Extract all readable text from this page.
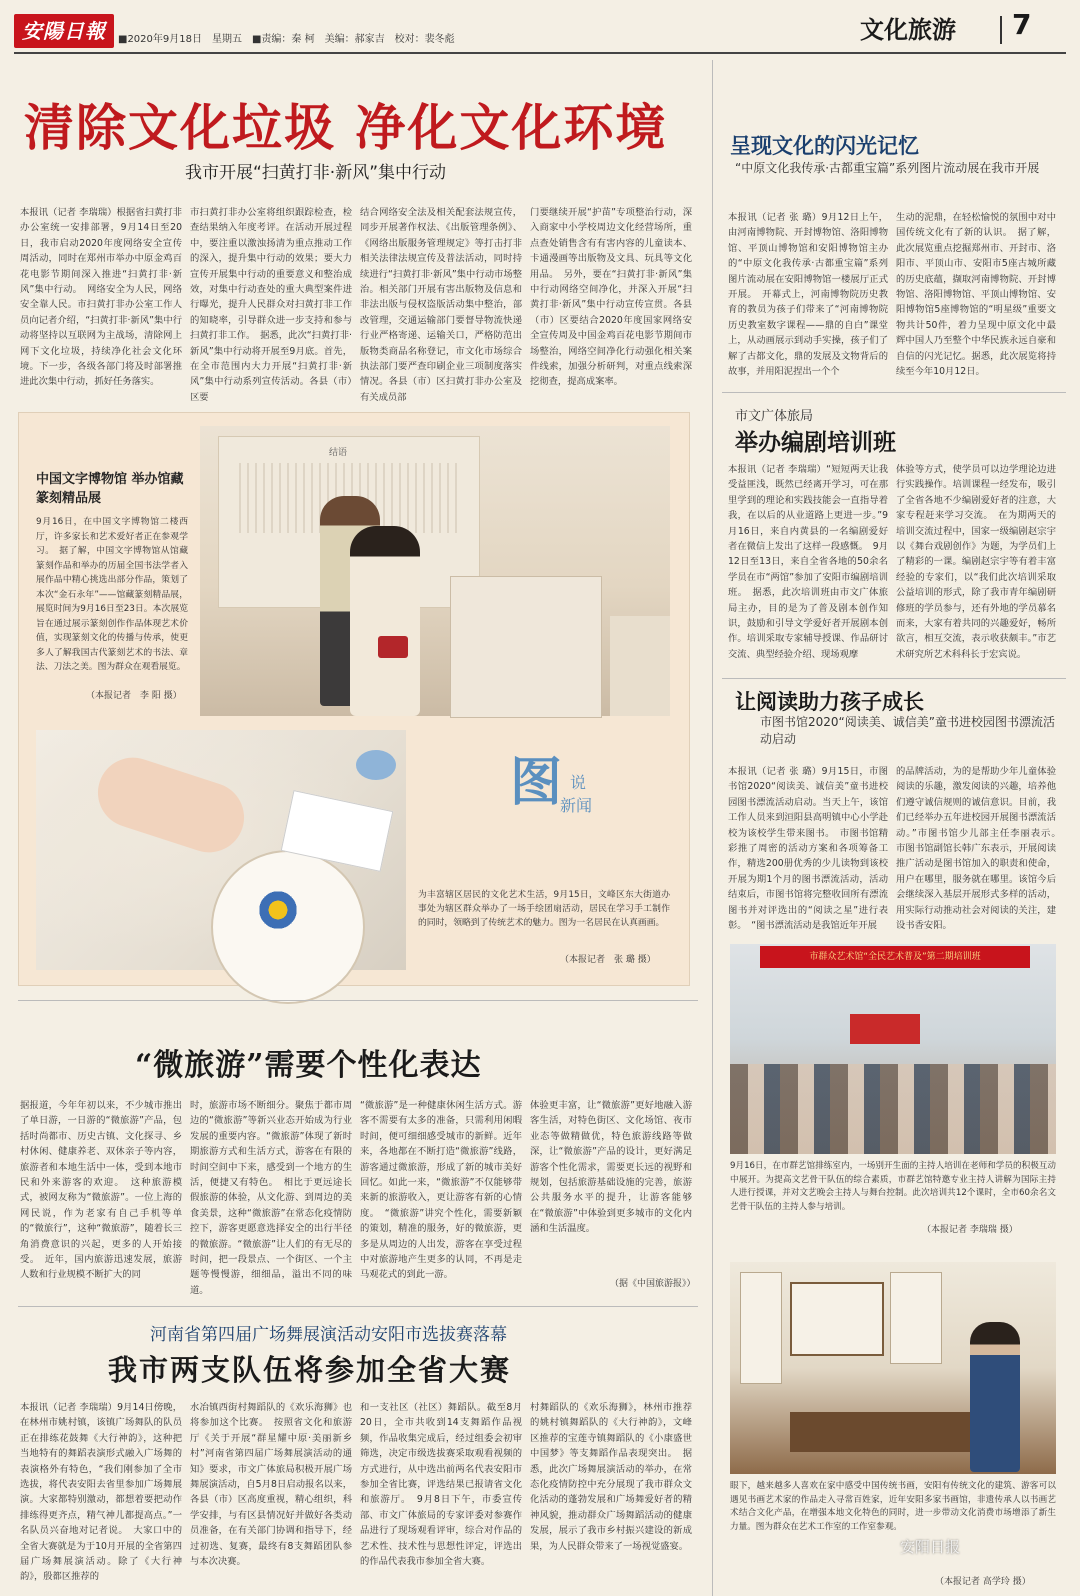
安陽日報	■2020年9月18日　星期五　■责编：秦 柯　美编：郝家吉　校对：裴冬彪	文化旅游 7
清除文化垃圾 净化文化环境
我市开展“扫黄打非·新风”集中行动
本报讯（记者 李瑞瑞）根据省扫黄打非办公室统一安排部署，9月14日至20日，我市启动2020年度网络安全宣传周活动，同时在郑州市举办中原金鸡百花电影节期间深入推进“扫黄打非·新风”集中行动。　网络安全为人民，网络安全靠人民。市扫黄打非办公室工作人员向记者介绍，“扫黄打非·新风”集中行动将坚持以互联网为主战场，清除网上网下文化垃圾，持续净化社会文化环境。下一步，各级各部门将及时部署推进此次集中行动，抓好任务落实。
市扫黄打非办公室将组织跟踪检查，检查结果纳入年度考评。在活动开展过程中，要注重以激浊扬清为重点推动工作的深入，提升集中行动的效果；要大力宣传开展集中行动的重要意义和整治成效，对集中行动查处的重大典型案件进行曝光，提升人民群众对扫黄打非工作的知晓率，引导群众进一步支持和参与扫黄打非工作。　据悉，此次“扫黄打非·新风”集中行动将开展至9月底。首先，在全市范围内大力开展“扫黄打非·新风”集中行动系列宣传活动。各县（市）区要
结合网络安全法及相关配套法规宣传，同步开展著作权法、《出版管理条例》、《网络出版服务管理规定》等打击打非相关法律法规宣传及普法活动，同时持续进行“扫黄打非·新风”集中行动市场整治。相关部门开展有害出版物及信息和非法出版与侵权盗版活动集中整治，部改管理，交通运输部门要督导物流快递行业严格寄递、运输关口，严格防范出版物类商品名称登记，市文化市场综合执法部门要严查印刷企业三项制度落实情况。各县（市）区扫黄打非办公室及有关成员部
门要继续开展“护苗”专项整治行动，深入商家中小学校周边文化经营场所，重点查处销售含有有害内容的儿童读本、卡通漫画等出版物及文具、玩具等文化用品。　另外，要在“扫黄打非·新风”集中行动网络空间净化，并深入开展“扫黄打非·新风”集中行动宣传宣贯。各县（市）区要结合2020年度国家网络安全宣传周及中国金鸡百花电影节期间市场整治，网络空间净化行动强化相关案件线索，加强分析研判，对重点线索深挖彻查，提高成案率。
呈现文化的闪光记忆
“中原文化我传承·古都重宝篇”系列图片流动展在我市开展
本报讯（记者 张 璐）9月12日上午，由河南博物院、开封博物馆、洛阳博物馆、平顶山博物馆和安阳博物馆主办的“中原文化我传承·古都重宝篇”系列图片流动展在安阳博物馆一楼展厅正式开展。　开幕式上，河南博物院历史教育的教员为孩子们带来了“河南博物院历史教室数字课程——鼎的自白”课堂上，从动画展示到动手实操，孩子们了解了古都文化，鼎的发展及文物背后的故事，并用阳泥捏出一个个
生动的泥鼎，在轻松愉悦的氛围中对中国传统文化有了新的认识。　据了解，此次展览重点挖掘郑州市、开封市、洛阳市、平顶山市、安阳市5座古城所藏的历史底蕴，撷取河南博物院、开封博物馆、洛阳博物馆、平顶山博物馆、安阳博物馆5座博物馆的“明星级”重要文物共计50件，着力呈现中原文化中最辉中国人乃至整个中华民族永远自豪和自信的闪光记忆。据悉，此次展览将持续至今年10月12日。
中国文字博物馆 举办馆藏篆刻精品展
9月16日，在中国文字博物馆二楼西厅，许多家长和艺术爱好者正在参观学习。　据了解，中国文字博物馆从馆藏篆刻作品和举办的历届全国书法学者入展作品中精心挑选出部分作品，策划了本次“金石永年”——馆藏篆刻精品展，展览时间为9月16日至23日。本次展览旨在通过展示篆刻创作作品体现艺术价值，实现篆刻文化的传播与传承，使更多人了解我国古代篆刻艺术的书法、章法、刀法之美。图为群众在观看展览。
（本报记者　李 阳 摄）
结语
图 说
新闻
为丰富辖区居民的文化艺术生活，9月15日，文峰区东大街道办事处为辖区群众举办了一场手绘团扇活动，居民在学习手工制作的同时，领略到了传统艺术的魅力。图为一名居民在认真画画。
（本报记者　张 璐 摄）
市文广体旅局
举办编剧培训班
本报讯（记者 李瑞瑞）“短短两天让我受益匪浅，既然已经离开学习，可在那里学到的理论和实践技能会一直指导着我，在以后的从业道路上更进一步。”9月16日，来自内黄县的一名编剧爱好者在微信上发出了这样一段感慨。　9月12日至13日，来自全省各地的50余名学员在市“两馆”参加了安阳市编剧培训班。　据悉，此次培训班由市文广体旅局主办，目的是为了普及剧本创作知识，鼓励和引导文学爱好者开展剧本创作。培训采取专家辅导授课、作品研讨交流、典型经验介绍、现场观摩
体验等方式，使学员可以边学理论边进行实践操作。培训课程一经发布，吸引了全省各地不少编剧爱好者的注意，大家专程赶来学习交流。　在为期两天的培训交流过程中，国家一级编剧赵宗宇以《舞台戏剧创作》为题，为学员们上了精彩的一课。编剧赵宗宇等有着丰富经验的专家们，以“我们此次培训采取公益培训的形式，除了我市青年编剧研修班的学员参与，还有外地的学员慕名而来，大家有着共同的兴趣爱好，畅所欲言，相互交流，表示收获颇丰。”市艺术研究所艺术科科长于宏宾说。
让阅读助力孩子成长
市图书馆2020“阅读美、诚信美”童书进校园图书漂流活动启动
本报讯（记者 张 璐）9月15日，市图书馆2020“阅读美、诚信美”童书进校园图书漂流活动启动。当天上午，该馆工作人员来到洹阳县高明镇中心小学赴校为该校学生带来图书。　市图书馆精彩推了周密的活动方案和各项筹备工作，精选200册优秀的少儿读物到该校开展为期1个月的图书漂流活动，活动结束后，市图书馆将完整收回所有漂流图书并对评选出的“阅读之星”进行表彰。　“图书漂流活动是我馆近年开展
的品牌活动，为的是帮助少年儿童体验阅读的乐趣，激发阅读的兴趣，培养他们遵守诚信规则的诚信意识。目前，我们已经举办五年进校园开展图书漂流活动。”市图书馆少儿部主任李丽表示。　市图书馆副馆长韩广东表示，开展阅读推广活动是图书馆加入的职责和使命，用户在哪里，服务就在哪里。该馆今后会继续深入基层开展形式多样的活动，用实际行动推动社会对阅读的关注，建设书香安阳。
市群众艺术馆“全民艺术普及”第二期培训班
9月16日，在市群艺馆排练室内，一场别开生面的主持人培训在老师和学员的积极互动中展开。为提高文艺骨干队伍的综合素质，市群艺馆特邀专业主持人讲解为国际主持人进行授课，并对文艺晚会主持人与舞台控制。此次培训共12个课时，全市60余名文艺骨干队伍的主持人参与培训。
（本报记者 李瑞瑞 摄）
眼下，越来越多人喜欢在家中感受中国传统书画，安阳有传统文化的建筑、游客可以遇见书画艺术家的作品走入寻常百姓家，近年安阳多家书画馆，非遗传承人以书画艺术结合文化产品，在增强本地文化特色的同时，进一步带动文化消费市场增添了新生力量。图为群众在艺术工作室的工作室参观。
（本报记者 高学玲 摄）
安阳日报
“微旅游”需要个性化表达
据报道，今年年初以来，不少城市推出了单日游，一日游的“微旅游”产品，包括时尚都市、历史古镇、文化探寻、乡村休闲、健康养老、双休亲子等内容，旅游者和本地生活中一体，受到本地市民和外来游客的欢迎。　这种旅游模式，被网友称为“微旅游”。一位上海的网民说，作为老家有自己手机等单的“微旅行”，这种“微旅游”，随着长三角消费意识的兴起，更多的人开始接受。　近年，国内旅游迅速发展，旅游人数和行业规模不断扩大的同
时，旅游市场不断细分。聚焦于都市周边的“微旅游”等新兴业态开始成为行业发展的重要内容。“微旅游”体现了新时期旅游方式和生活方式，游客在有限的时间空间中下来，感受到一个地方的生活，便捷又有特色。　相比于更远途长假旅游的体验，从文化游、到周边的美食美景，这种“微旅游”在常态化疫情防控下，游客更愿意选择安全的出行半径的微旅游。“微旅游”让人们的有无尽的时间，把一段景点、一个街区、一个主题等慢慢游，细细品，溢出不同的味道。
“微旅游”是一种健康休闲生活方式。游客不需要有太多的准备，只需利用闲暇时间，便可细细感受城市的新鲜。近年来，各地都在不断打造“微旅游”线路，游客通过微旅游，形成了新的城市美好回忆。如此一来，“微旅游”不仅能够带来新的旅游收入，更让游客有新的心情度。　“微旅游”讲究个性化，需要新颖的策划，精准的服务，好的微旅游，更多是从周边的人出发，游客在享受过程中对旅游地产生更多的认同，不再是走马观花式的到此一游。
体验更丰富，让“微旅游”更好地融入游客生活，对特色街区、文化场馆、夜市业态等做精做优，特色旅游线路等做深，让“微旅游”产品的设计，更好满足游客个性化需求，需要更长远的视野和规划，包括旅游基础设施的完善，旅游公共服务水平的提升，让游客能够在“微旅游”中体验到更多城市的文化内涵和生活温度。
（据《中国旅游报》）
河南省第四届广场舞展演活动安阳市选拔赛落幕
我市两支队伍将参加全省大赛
本报讯（记者 李瑞瑞）9月14日傍晚，在林州市姚村镇，该镇广场舞队的队员正在排练花鼓舞《大行神韵》，这种把当地特有的舞蹈表演形式融入广场舞的表演格外有特色，“我们刚参加了全市选拔，将代表安阳去省里参加广场舞展演。大家都特别激动，都想着要把动作排练得更齐点，精气神儿都提高点。”一名队员兴奋地对记者说。　大家口中的全省大赛就是为于10月开展的全省第四届广场舞展演活动。除了《大行神韵》，殷都区推荐的
水冶镇西街村舞蹈队的《欢乐海狮》也将参加这个比赛。　按照省文化和旅游厅《关于开展“群星耀中原·美丽新乡村”河南省第四届广场舞展演活动的通知》要求，市文广体旅局积极开展广场舞展演活动，自5月8日启动报名以来，各县（市）区高度重视，精心组织，科学安排，与有区县情况好并做好各类动员准备，在有关部门协调和指导下，经过初选、复赛，最终有8支舞蹈团队参与本次决赛。
和一支社区（社区）舞蹈队。截至8月20日，全市共收到14支舞蹈作品视频，作品收集完成后，经过组委会初审筛选，决定市级选拔赛采取观看视频的方式进行，从中选出前两名代表安阳市参加全省比赛，评选结果已报请省文化和旅游厅。　9月8日下午，市委宣传部、市文广体旅局的专家评委对参赛作品进行了现场观看评审，综合对作品的艺术性、技术性与思想性评定，评选出的作品代表我市参加全省大赛。
村舞蹈队的《欢乐海狮》，林州市推荐的姚村镇舞蹈队的《大行神韵》，文峰区推荐的宝莲寺镇舞蹈队的《小康盛世中国梦》等支舞蹈作品表现突出。　据悉，此次广场舞展演活动的举办，在常态化疫情防控中充分展现了我市群众文化活动的蓬勃发展和广场舞爱好者的精神风貌，推动群众广场舞蹈活动的健康发展，展示了我市乡村振兴建设的新成果，为人民群众带来了一场视觉盛宴。
